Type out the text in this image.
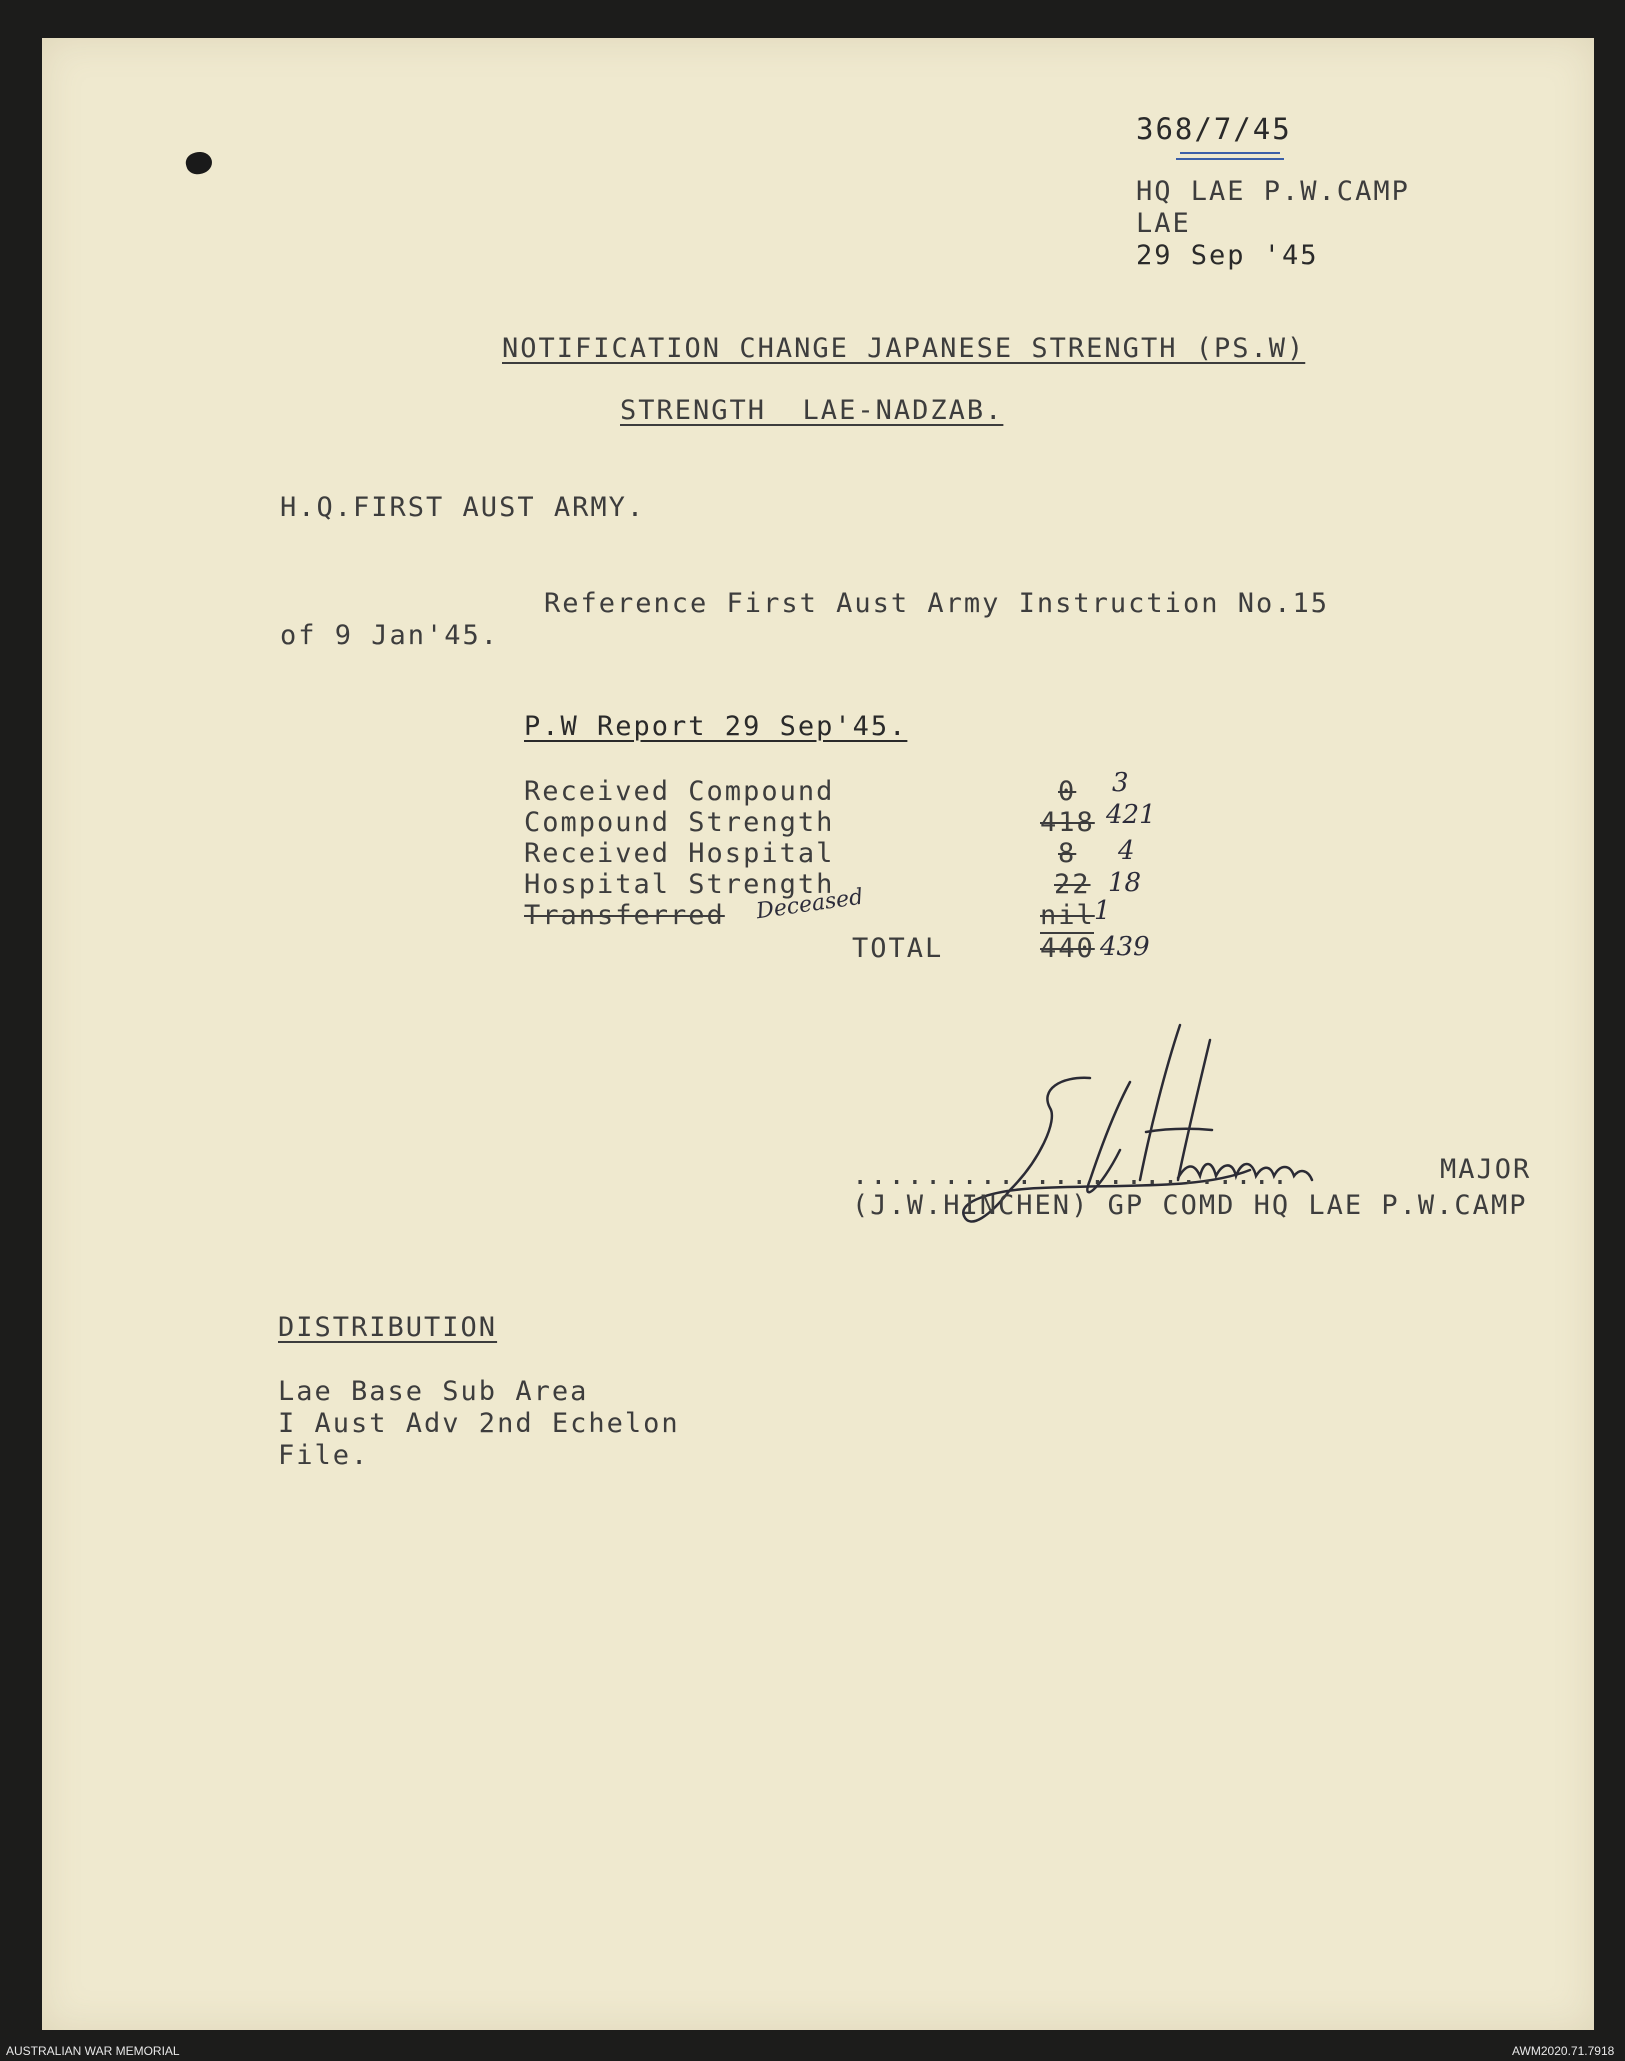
368/7/45
HQ LAE P.W.CAMP
LAE
29 Sep '45
NOTIFICATION CHANGE JAPANESE STRENGTH (PS.W)
STRENGTH  LAE-NADZAB.
H.Q.FIRST AUST ARMY.
Reference First Aust Army Instruction No.15
of 9 Jan'45.
P.W Report 29 Sep'45.
Received Compound	0 3
Compound Strength	418 421
Received Hospital	8 4
Hospital Strength	22 18
Transferred Deceased	nil 1
TOTAL	440 439
........................	MAJOR
(J.W.HINCHEN) GP COMD HQ LAE P.W.CAMP
DISTRIBUTION
Lae Base Sub Area
I Aust Adv 2nd Echelon
File.
AUSTRALIAN WAR MEMORIAL	AWM2020.71.7918
